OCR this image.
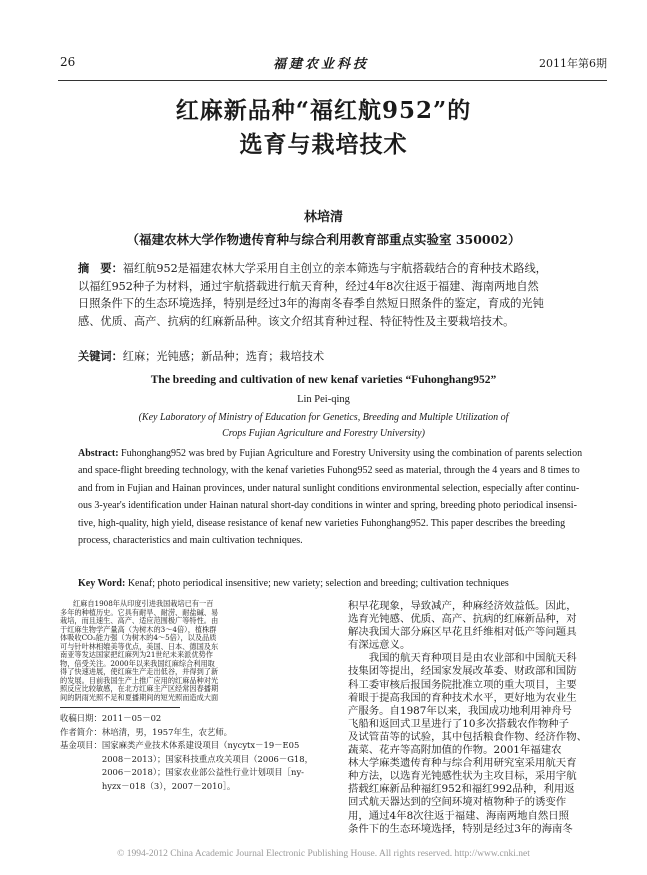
26	福建农业科技	2011年第6期
红麻新品种“福红航952”的
选育与栽培技术
林培清
（福建农林大学作物遗传育种与综合利用教育部重点实验室 350002）
摘　要：福红航952是福建农林大学采用自主创立的亲本筛选与宇航搭载结合的育种技术路线，
以福红952种子为材料，通过宇航搭载进行航天育种，经过4年8次往返于福建、海南两地自然
日照条件下的生态环境选择，特别是经过3年的海南冬春季自然短日照条件的鉴定，育成的光钝
感、优质、高产、抗病的红麻新品种。该文介绍其育种过程、特征特性及主要栽培技术。
关键词：红麻；光钝感；新品种；选育；栽培技术
The breeding and cultivation of new kenaf varieties “Fuhonghang952”
Lin Pei-qing
(Key Laboratory of Ministry of Education for Genetics, Breeding and Multiple Utilization of
Crops Fujian Agriculture and Forestry University)
Abstract: Fuhonghang952 was bred by Fujian Agriculture and Forestry University using the combination of parents selection
and space-flight breeding technology, with the kenaf varieties Fuhong952 seed as material, through the 4 years and 8 times to
and from in Fujian and Hainan provinces, under natural sunlight conditions environmental selection, especially after continu-
ous 3-year's identification under Hainan natural short-day conditions in winter and spring, breeding photo periodical insensi-
tive, high-quality, high yield, disease resistance of kenaf new varieties Fuhonghang952. This paper describes the breeding
process, characteristics and main cultivation techniques.
Key Word: Kenaf; photo periodical insensitive; new variety; selection and breeding; cultivation techniques
红麻自1908年从印度引进我国栽培已有一百
多年的种植历史。它具有耐旱、耐涝、耐盐碱、易
栽培，而且速生、高产、适应范围极广等特性。由
于红麻生物学产量高（为树木的3～4倍），植株群
体吸收CO₂能力强（为树木的4～5倍），以及品质
可与针叶林相媲美等优点，美国、日本、德国及东
南亚等发达国家把红麻列为21世纪未来派优势作
物，倍受关注。2000年以来我国红麻综合利用取
得了快速进展，使红麻生产走出低谷，并得到了新
的发展。目前我国生产上推广应用的红麻品种对光
照反应比较敏感，在北方红麻主产区经常因春播期
间的阴雨光照不足和夏播期间的短光照而造成大面
收稿日期：2011－05－02
作者简介：林培清，男，1957年生，农艺师。
基金项目：国家麻类产业技术体系建设项目（nycytx－19－E05
　　　　　2008－2013）；国家科技重点攻关项目（2006－G18，
　　　　　2006－2018）；国家农业部公益性行业计划项目［ny-
　　　　　hyzx－018（3），2007－2010］。
积早花现象，导致减产，种麻经济效益低。因此，
选育光钝感、优质、高产、抗病的红麻新品种，对
解决我国大部分麻区早花且纤维相对低产等问题具
有深远意义。
　　我国的航天育种项目是由农业部和中国航天科
技集团等提出，经国家发展改革委、财政部和国防
科工委审核后报国务院批准立项的重大项目，主要
着眼于提高我国的育种技术水平，更好地为农业生
产服务。自1987年以来，我国成功地利用神舟号
飞船和返回式卫星进行了10多次搭载农作物种子
及试管苗等的试验，其中包括粮食作物、经济作物、
蔬菜、花卉等高附加值的作物。2001年福建农
林大学麻类遗传育种与综合利用研究室采用航天育
种方法，以选育光钝感性状为主攻目标，采用宇航
搭载红麻新品种福红952和福红992品种，利用返
回式航天器达到的空间环境对植物种子的诱变作
用，通过4年8次往返于福建、海南两地自然日照
条件下的生态环境选择，特别是经过3年的海南冬
© 1994-2012 China Academic Journal Electronic Publishing House. All rights reserved. http://www.cnki.net
